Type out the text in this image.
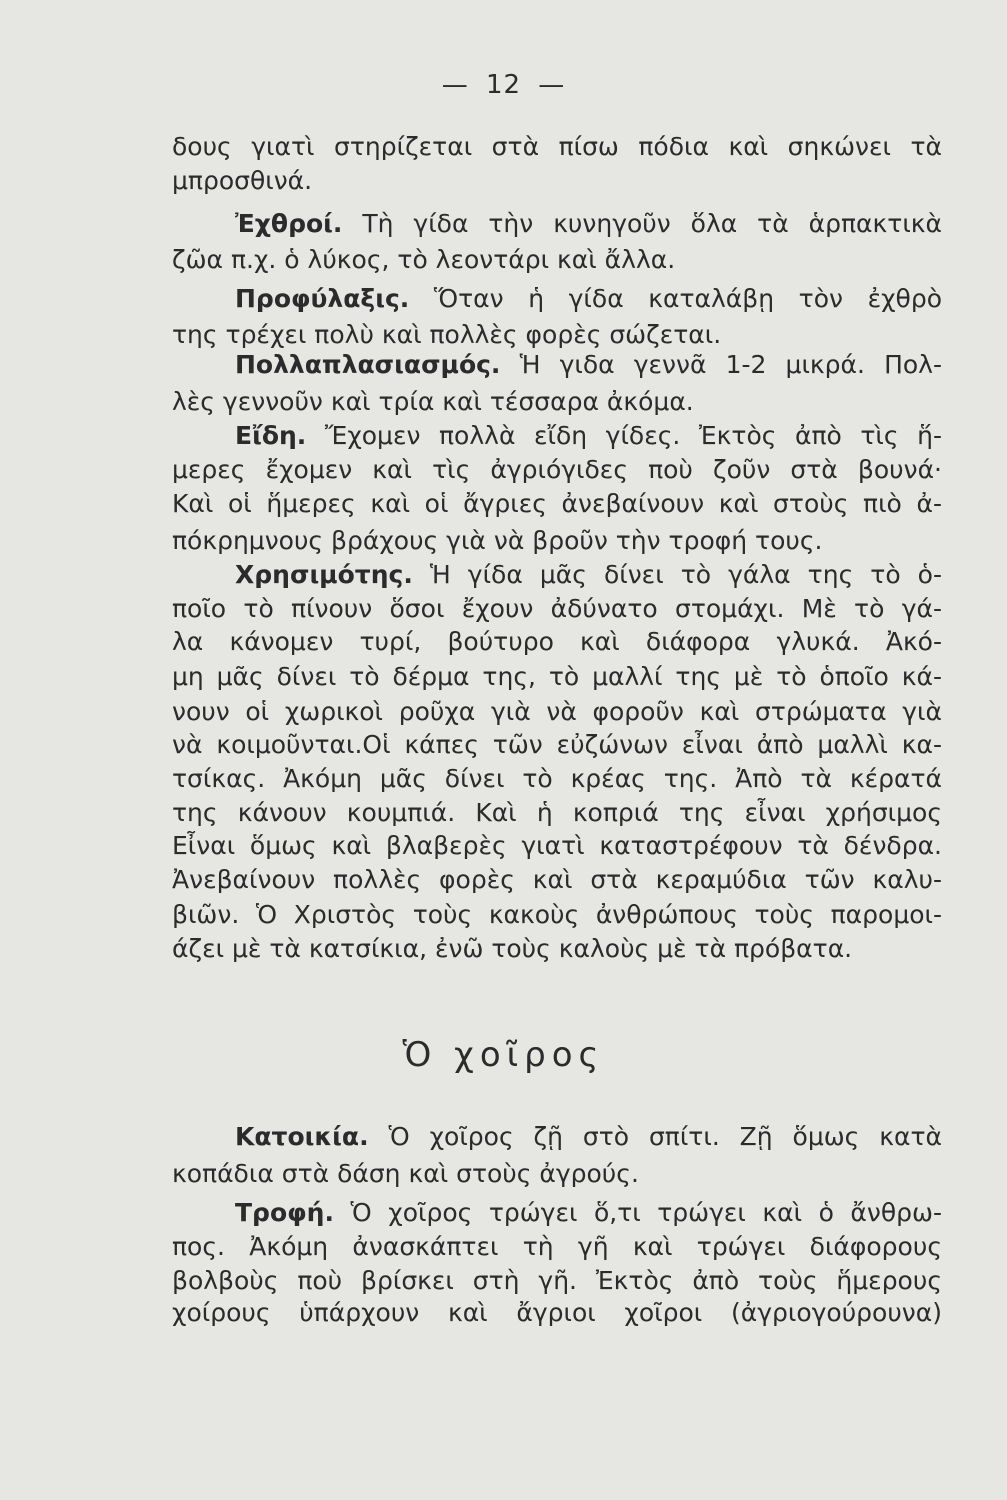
— 12 —
δους γιατὶ στηρίζεται στὰ πίσω πόδια καὶ σηκώνει τὰ
μπροσθινά.
Ἐχθροί. Τὴ γίδα τὴν κυνηγοῦν ὅλα τὰ ἁρπακτικὰ
ζῶα π.χ. ὁ λύκος, τὸ λεοντάρι καὶ ἄλλα.
Προφύλαξις. Ὅταν ἡ γίδα καταλάβῃ τὸν ἐχθρὸ
της τρέχει πολὺ καὶ πολλὲς φορὲς σώζεται.
Πολλαπλασιασμός. Ἡ γιδα γεννᾶ 1-2 μικρά. Πολ-
λὲς γεννοῦν καὶ τρία καὶ τέσσαρα ἀκόμα.
Εἴδη. Ἔχομεν πολλὰ εἴδη γίδες. Ἐκτὸς ἀπὸ τὶς ἥ-
μερες ἔχομεν καὶ τὶς ἀγριόγιδες ποὺ ζοῦν στὰ βουνά·
Καὶ οἱ ἥμερες καὶ οἱ ἄγριες ἀνεβαίνουν καὶ στοὺς πιὸ ἀ-
πόκρημνους βράχους γιὰ νὰ βροῦν τὴν τροφή τους.
Χρησιμότης. Ἡ γίδα μᾶς δίνει τὸ γάλα της τὸ ὁ-
ποῖο τὸ πίνουν ὅσοι ἔχουν ἀδύνατο στομάχι. Μὲ τὸ γά-
λα κάνομεν τυρί, βούτυρο καὶ διάφορα γλυκά. Ἀκό-
μη μᾶς δίνει τὸ δέρμα της, τὸ μαλλί της μὲ τὸ ὁποῖο κά-
νουν οἱ χωρικοὶ ροῦχα γιὰ νὰ φοροῦν καὶ στρώματα γιὰ
νὰ κοιμοῦνται.Οἱ κάπες τῶν εὐζώνων εἶναι ἀπὸ μαλλὶ κα-
τσίκας. Ἀκόμη μᾶς δίνει τὸ κρέας της. Ἀπὸ τὰ κέρατά
της κάνουν κουμπιά. Καὶ ἡ κοπριά της εἶναι χρήσιμος
Εἶναι ὅμως καὶ βλαβερὲς γιατὶ καταστρέφουν τὰ δένδρα.
Ἀνεβαίνουν πολλὲς φορὲς καὶ στὰ κεραμύδια τῶν καλυ-
βιῶν. Ὁ Χριστὸς τοὺς κακοὺς ἀνθρώπους τοὺς παρομοι-
άζει μὲ τὰ κατσίκια, ἐνῶ τοὺς καλοὺς μὲ τὰ πρόβατα.
Ὁ χοῖρος
Κατοικία. Ὁ χοῖρος ζῇ στὸ σπίτι. Ζῇ ὅμως κατὰ
κοπάδια στὰ δάση καὶ στοὺς ἀγρούς.
Τροφή. Ὁ χοῖρος τρώγει ὅ,τι τρώγει καὶ ὁ ἄνθρω-
πος. Ἀκόμη ἀνασκάπτει τὴ γῆ καὶ τρώγει διάφορους
βολβοὺς ποὺ βρίσκει στὴ γῆ. Ἐκτὸς ἀπὸ τοὺς ἥμερους
χοίρους ὑπάρχουν καὶ ἄγριοι χοῖροι (ἀγριογούρουνα)
